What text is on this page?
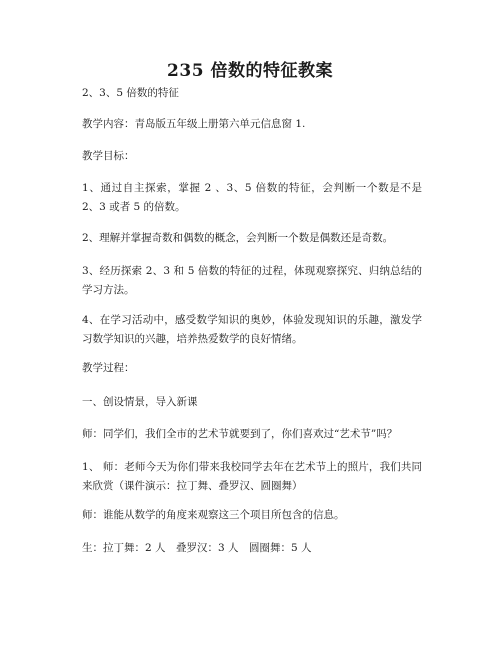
235 倍数的特征教案
2、3、5 倍数的特征
教学内容：青岛版五年级上册第六单元信息窗 1.
教学目标：
1、通过自主探索，掌握 2 、3、5 倍数的特征，会判断一个数是不是 2、3 或者 5 的倍数。
2、理解并掌握奇数和偶数的概念，会判断一个数是偶数还是奇数。
3、经历探索 2、3 和 5 倍数的特征的过程，体现观察探究、归纳总结的学习方法。
4、在学习活动中，感受数学知识的奥妙，体验发现知识的乐趣，激发学习数学知识的兴趣，培养热爱数学的良好情绪。
教学过程：
一、创设情景，导入新课
师：同学们，我们全市的艺术节就要到了，你们喜欢过“艺术节”吗？
1、 师：老师今天为你们带来我校同学去年在艺术节上的照片，我们共同来欣赏（课件演示：拉丁舞、叠罗汉、圆圈舞）
师：谁能从数学的角度来观察这三个项目所包含的信息。
生：拉丁舞：2 人　叠罗汉：3 人　圆圈舞：5 人
